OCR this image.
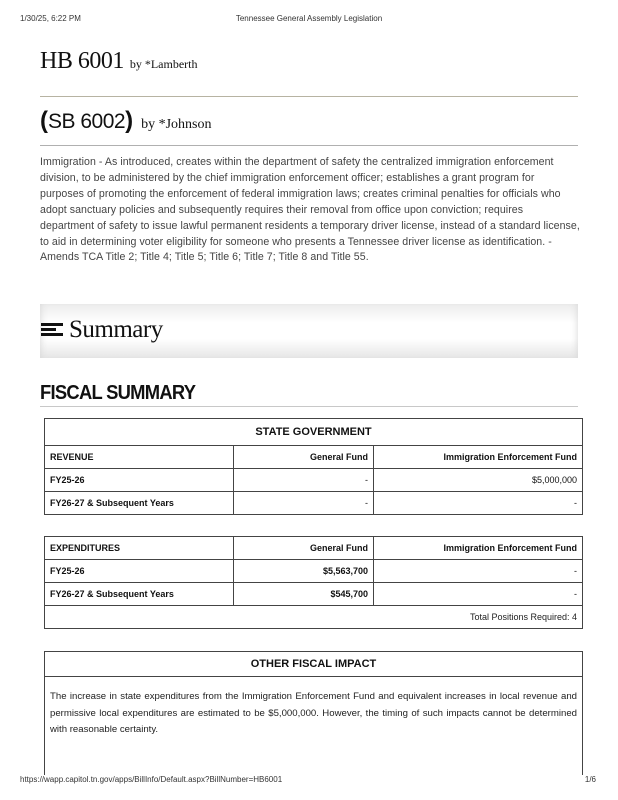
1/30/25, 6:22 PM	Tennessee General Assembly Legislation
HB 6001 by *Lamberth
(SB 6002) by *Johnson

Immigration - As introduced, creates within the department of safety the centralized immigration enforcement division, to be administered by the chief immigration enforcement officer; establishes a grant program for purposes of promoting the enforcement of federal immigration laws; creates criminal penalties for officials who adopt sanctuary policies and subsequently requires their removal from office upon conviction; requires department of safety to issue lawful permanent residents a temporary driver license, instead of a standard license, to aid in determining voter eligibility for someone who presents a Tennessee driver license as identification. - Amends TCA Title 2; Title 4; Title 5; Title 6; Title 7; Title 8 and Title 55.

Summary
FISCAL SUMMARY
STATE GOVERNMENT		
REVENUE	General Fund	Immigration Enforcement Fund
FY25-26	-	$5,000,000
FY26-27 & Subsequent Years	-	-
EXPENDITURES	General Fund	Immigration Enforcement Fund
FY25-26	$5,563,700	-
FY26-27 & Subsequent Years	$545,700	-
Total Positions Required: 4		
OTHER FISCAL IMPACT

The increase in state expenditures from the Immigration Enforcement Fund and equivalent increases in local revenue and permissive local expenditures are estimated to be $5,000,000. However, the timing of such impacts cannot be determined with reasonable certainty.

https://wapp.capitol.tn.gov/apps/BillInfo/Default.aspx?BillNumber=HB6001	1/6
